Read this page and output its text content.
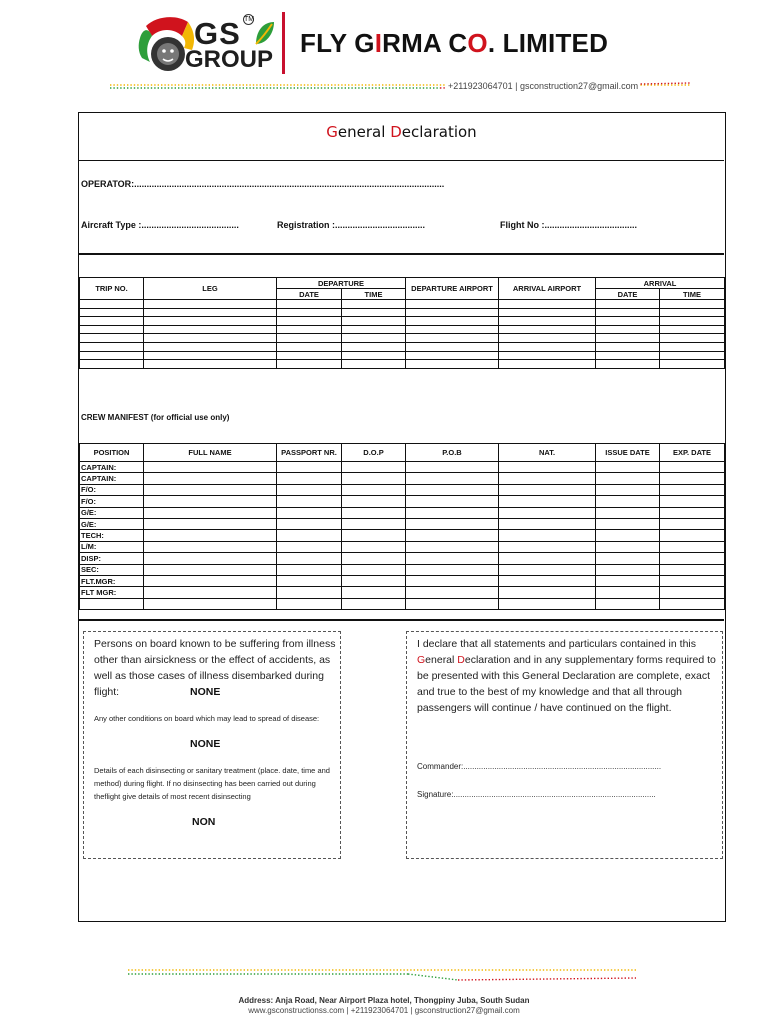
GS TM
GROUP
FLY GIRMA CO. LIMITED
+211923064701 | gsconstruction27@gmail.com
General Declaration
OPERATOR:............................................................................................................................
Aircraft Type :.......................................	Registration :....................................	Flight No :.....................................
TRIP NO.	LEG	DEPARTURE		DEPARTURE AIRPORT	ARRIVAL AIRPORT	ARRIVAL	
		DATE	TIME			DATE	TIME

CREW MANIFEST (for official use only)
POSITION	FULL NAME	PASSPORT NR.	D.O.P	P.O.B	NAT.	ISSUE DATE	EXP. DATE
CAPTAIN:							
CAPTAIN:							
F/O:							
F/O:							
G/E:							
G/E:							
TECH:							
L/M:							
DISP:							
SEC:							
FLT.MGR:							
FLT MGR:							

Persons on board known to be suffering from illness other than airsickness or the effect of accidents, as well as those cases of illness disembarked during flight:	NONE
Any other conditions on board which may lead to spread of disease:
NONE
Details of each disinsecting or sanitary treatment (place. date, time and method) during flight. If no disinsecting has been carried out during theflight give details of most recent disinsecting
NON
I declare that all statements and particulars contained in this General Declaration and in any supplementary forms required to be presented with this General Declaration are complete, exact and true to the best of my knowledge and that all through passengers will continue / have continued on the flight.
Commander:.........................................................................................
Signature:...........................................................................................
Address: Anja Road, Near Airport Plaza hotel, Thongpiny Juba, South Sudan
www.gsconstructionss.com | +211923064701 | gsconstruction27@gmail.com
